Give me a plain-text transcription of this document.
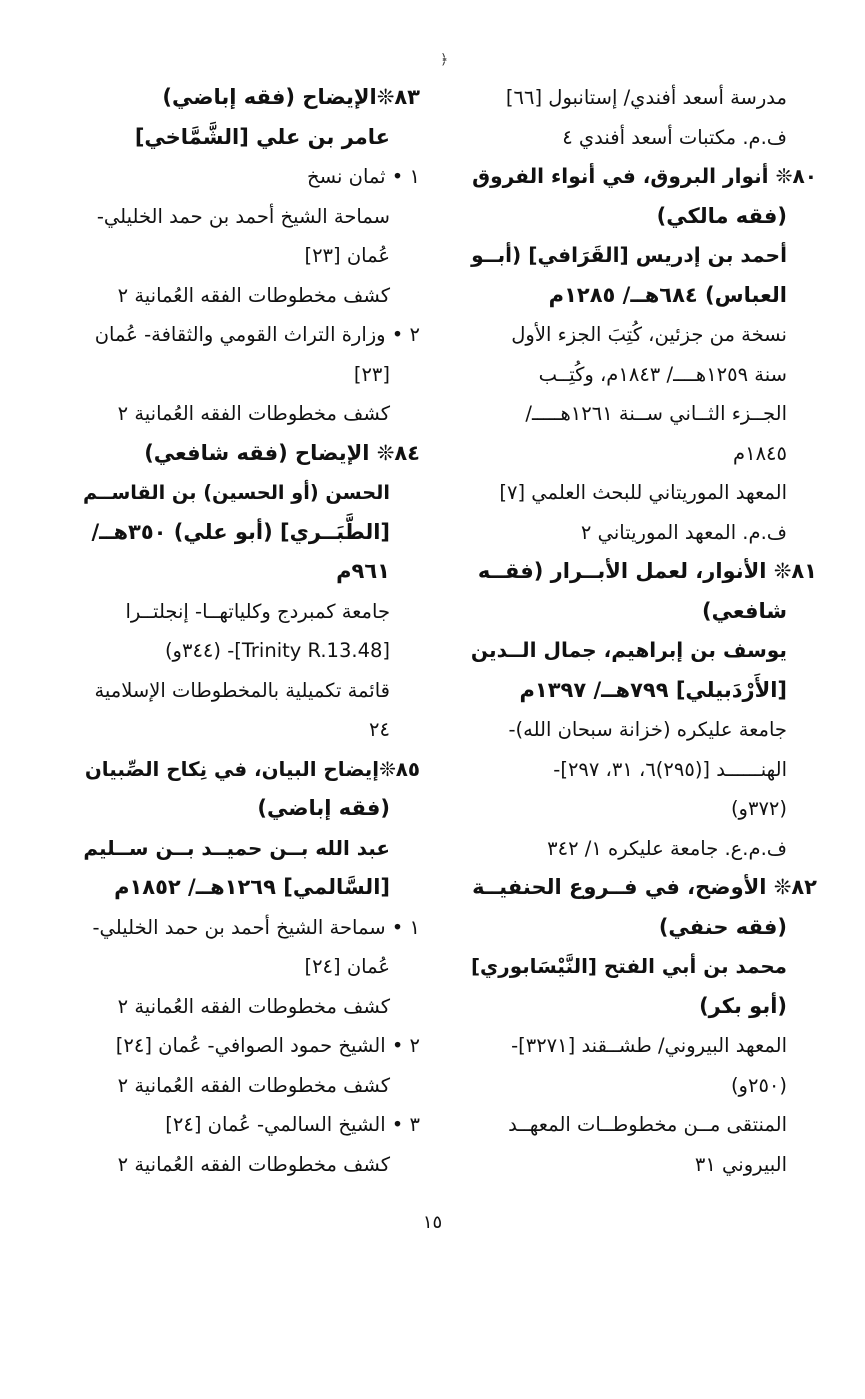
﴿
مدرسة أسعد أفندي/ إستانبول [٦٦]
ف.م. مكتبات أسعد أفندي ٤
٨٠❊ أنوار البروق، في أنواء الفروق
(فقه مالكي)
أحمد بن إدريس [القَرَافي] (أبــو
العباس) ٦٨٤هــ/ ١٢٨٥م
نسخة من جزئين، كُتِبَ الجزء الأول
سنة ١٢٥٩هــــ/ ١٨٤٣م، وكُتِــب
الجــزء الثــاني ســنة ١٢٦١هـــــ/
١٨٤٥م
المعهد الموريتاني للبحث العلمي [٧]
ف.م. المعهد الموريتاني ٢
٨١❊ الأنوار، لعمل الأبــرار (فقــه
شافعي)
يوسف بن إبراهيم، جمال الــدين
[الأَرْدَبيلي] ٧٩٩هــ/ ١٣٩٧م
جامعة عليكره (خزانة سبحان الله)-
الهنــــــد [(٢٩٥)٦، ٣١، ٢٩٧]-
(٣٧٢و)
ف.م.ع. جامعة عليكره ١/ ٣٤٢
٨٢❊ الأوضح، في فــروع الحنفيــة
(فقه حنفي)
محمد بن أبي الفتح [النَّيْسَابوري]
(أبو بكر)
المعهد البيروني/ طشــقند [٣٢٧١]-
(٢٥٠و)
المنتقى مــن مخطوطــات المعهــد
البيروني ٣١
٨٣❊الإيضاح (فقه إباضي)
عامر بن علي [الشَّمَّاخي]
١ • ثمان نسخ
سماحة الشيخ أحمد بن حمد الخليلي-
عُمان [٢٣]
كشف مخطوطات الفقه العُمانية ٢
٢ • وزارة التراث القومي والثقافة- عُمان
[٢٣]
كشف مخطوطات الفقه العُمانية ٢
٨٤❊ الإيضاح (فقه شافعي)
الحسن (أو الحسين) بن القاســم
[الطَّبَــري] (أبو علي) ٣٥٠هــ/
٩٦١م
جامعة كمبردج وكلياتهــا- إنجلتــرا
[Trinity R.13.48]- (٣٤٤و)
قائمة تكميلية بالمخطوطات الإسلامية
٢٤
٨٥❊إيضاح البيان، في نِكاح الصِّبيان
(فقه إباضي)
عبد الله بــن حميــد بــن ســليم
[السَّالمي] ١٢٦٩هــ/ ١٨٥٢م
١ • سماحة الشيخ أحمد بن حمد الخليلي-
عُمان [٢٤]
كشف مخطوطات الفقه العُمانية ٢
٢ • الشيخ حمود الصوافي- عُمان [٢٤]
كشف مخطوطات الفقه العُمانية ٢
٣ • الشيخ السالمي- عُمان [٢٤]
كشف مخطوطات الفقه العُمانية ٢
١٥
